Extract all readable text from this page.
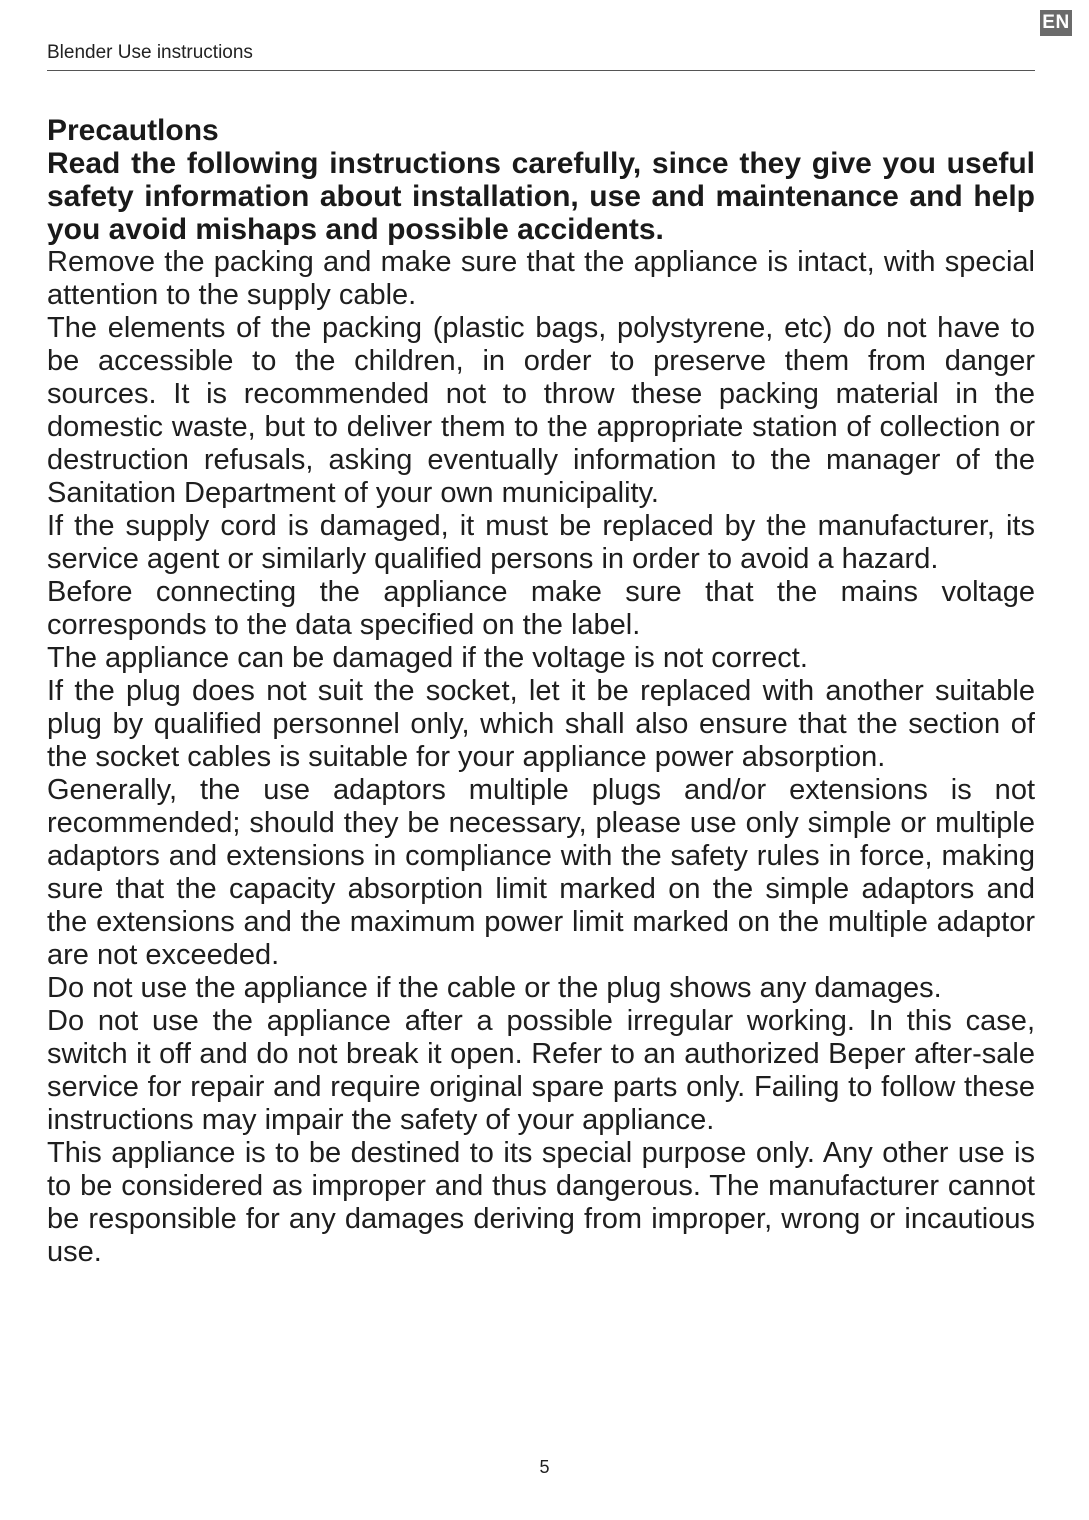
EN
Blender Use instructions
Precautlons

Read the following instructions carefully, since they give you useful safety information about installation, use and maintenance and help you avoid mishaps and possible accidents.

Remove the packing and make sure that the appliance is intact, with special attention to the supply cable.

The elements of the packing (plastic bags, polystyrene, etc) do not have to be accessible to the children, in order to preserve them from danger sources. It is recommended not to throw these packing material in the domestic waste, but to deliver them to the appropriate station of collection or destruction refusals, asking eventually information to the manager of the Sanitation Department of your own municipality.

If the supply cord is damaged, it must be replaced by the manufacturer, its service agent or similarly qualified persons in order to avoid a hazard.

Before connecting the appliance make sure that the mains voltage corresponds to the data specified on the label.

The appliance can be damaged if the voltage is not correct.

If the plug does not suit the socket, let it be replaced with another suitable plug by qualified personnel only, which shall also ensure that the section of the socket cables is suitable for your appliance power absorption.

Generally, the use adaptors multiple plugs and/or extensions is not recommended; should they be necessary, please use only simple or multiple adaptors and extensions in compliance with the safety rules in force, making sure that the capacity absorption limit marked on the simple adaptors and the extensions and the maximum power limit marked on the multiple adaptor are not exceeded.

Do not use the appliance if the cable or the plug shows any damages.

Do not use the appliance after a possible irregular working. In this case, switch it off and do not break it open. Refer to an authorized Beper after-sale service for repair and require original spare parts only. Failing to follow these instructions may impair the safety of your appliance.

This appliance is to be destined to its special purpose only. Any other use is to be considered as improper and thus dangerous. The manufacturer cannot be responsible for any damages deriving from improper, wrong or incautious use.

5
